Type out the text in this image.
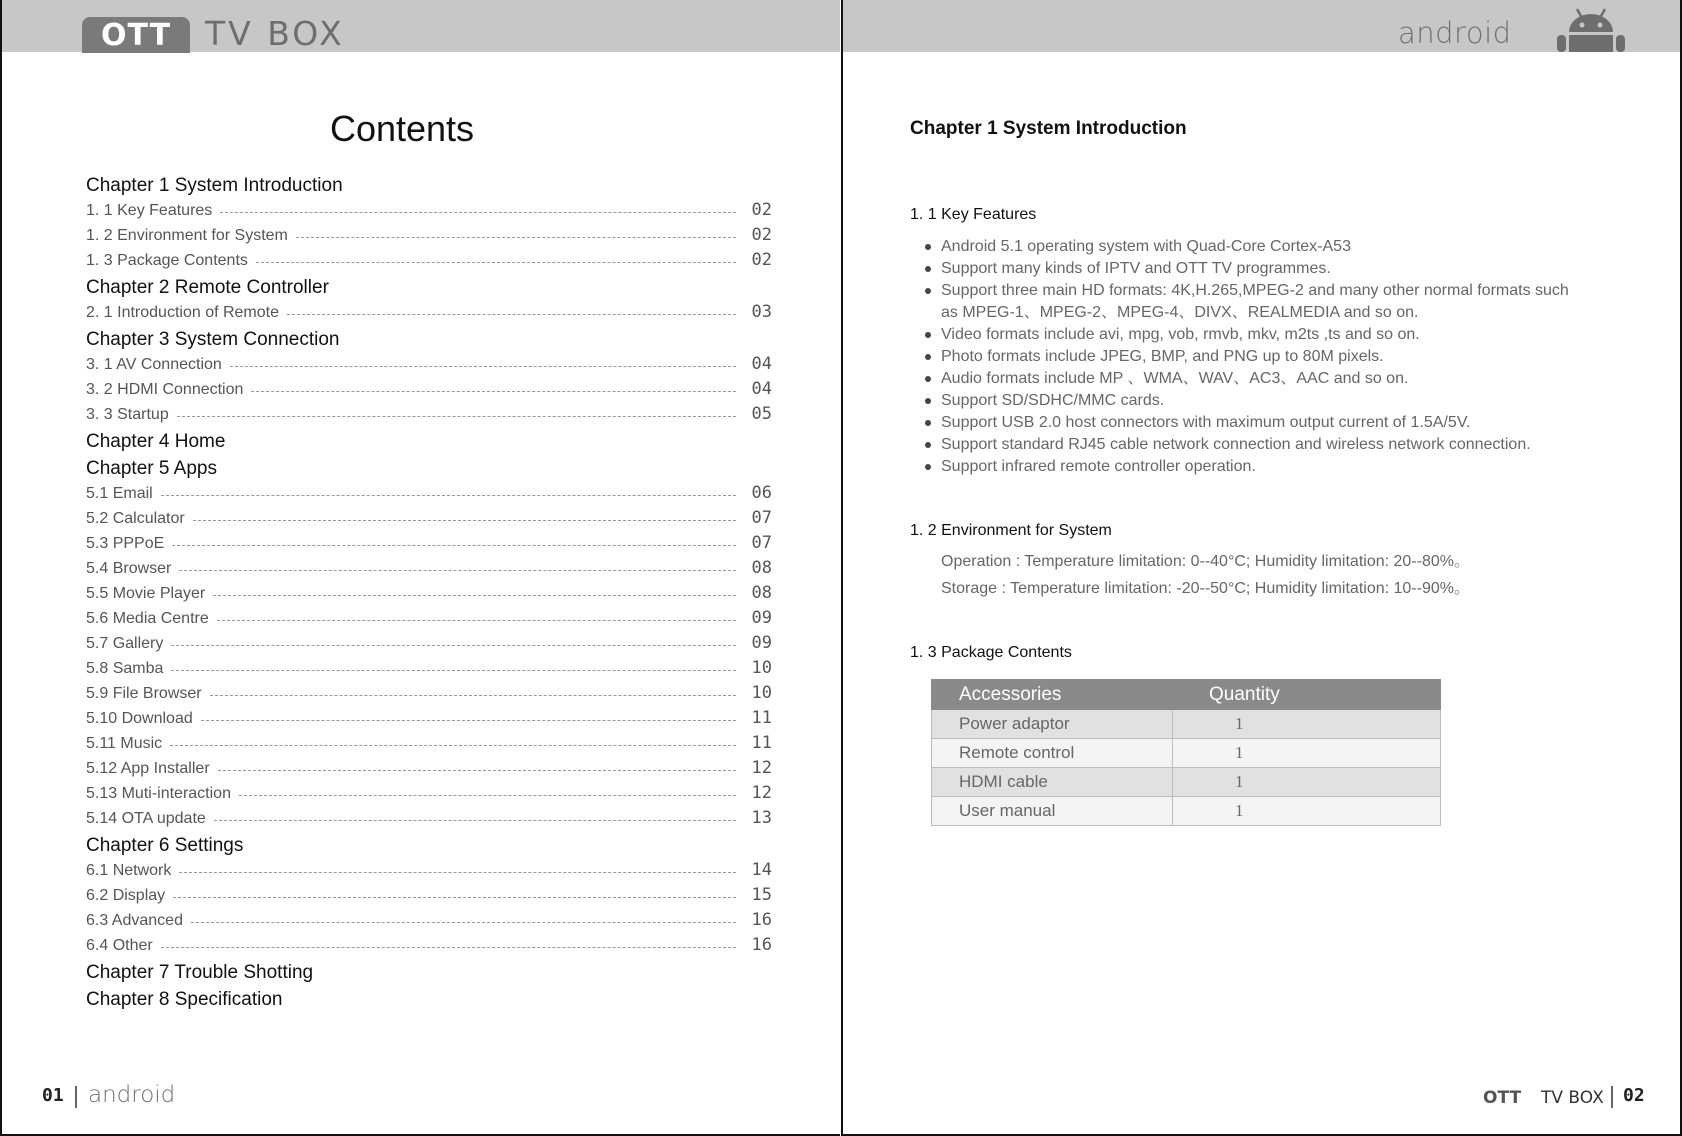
OTT	TV BOX
Contents
Chapter 1 System Introduction
1. 1 Key Features	02
1. 2 Environment for System	02
1. 3 Package Contents	02
Chapter 2 Remote Controller
2. 1 Introduction of Remote	03
Chapter 3 System Connection
3. 1 AV Connection	04
3. 2 HDMI Connection	04
3. 3 Startup	05
Chapter 4 Home
Chapter 5 Apps
5.1 Email	06
5.2 Calculator	07
5.3 PPPoE	07
5.4 Browser	08
5.5 Movie Player	08
5.6 Media Centre	09
5.7 Gallery	09
5.8 Samba	10
5.9 File Browser	10
5.10 Download	11
5.11 Music	11
5.12 App Installer	12
5.13 Muti-interaction	12
5.14 OTA update	13
Chapter 6 Settings
6.1 Network	14
6.2 Display	15
6.3 Advanced	16
6.4 Other	16
Chapter 7 Trouble Shotting
Chapter 8 Specification
01 android
android
Chapter 1 System Introduction
1. 1 Key Features
Android 5.1 operating system with Quad-Core Cortex-A53
Support many kinds of IPTV and OTT TV programmes.
Support three main HD formats: 4K,H.265,MPEG-2 and many other normal formats such as MPEG-1、MPEG-2、MPEG-4、DIVX、REALMEDIA and so on.
Video formats include avi, mpg, vob, rmvb, mkv, m2ts ,ts and so on.
Photo formats include JPEG, BMP, and PNG up to 80M pixels.
Audio formats include MP 、WMA、WAV、AC3、AAC and so on.
Support SD/SDHC/MMC cards.
Support USB 2.0 host connectors with maximum output current of 1.5A/5V.
Support standard RJ45 cable network connection and wireless network connection.
Support infrared remote controller operation.
1. 2 Environment for System
Operation : Temperature limitation: 0--40°C; Humidity limitation: 20--80%。
Storage : Temperature limitation: -20--50°C; Humidity limitation: 10--90%。
1. 3 Package Contents
Accessories	Quantity
Power adaptor	1
Remote control	1
HDMI cable	1
User manual	1
OTT TV BOX 02
